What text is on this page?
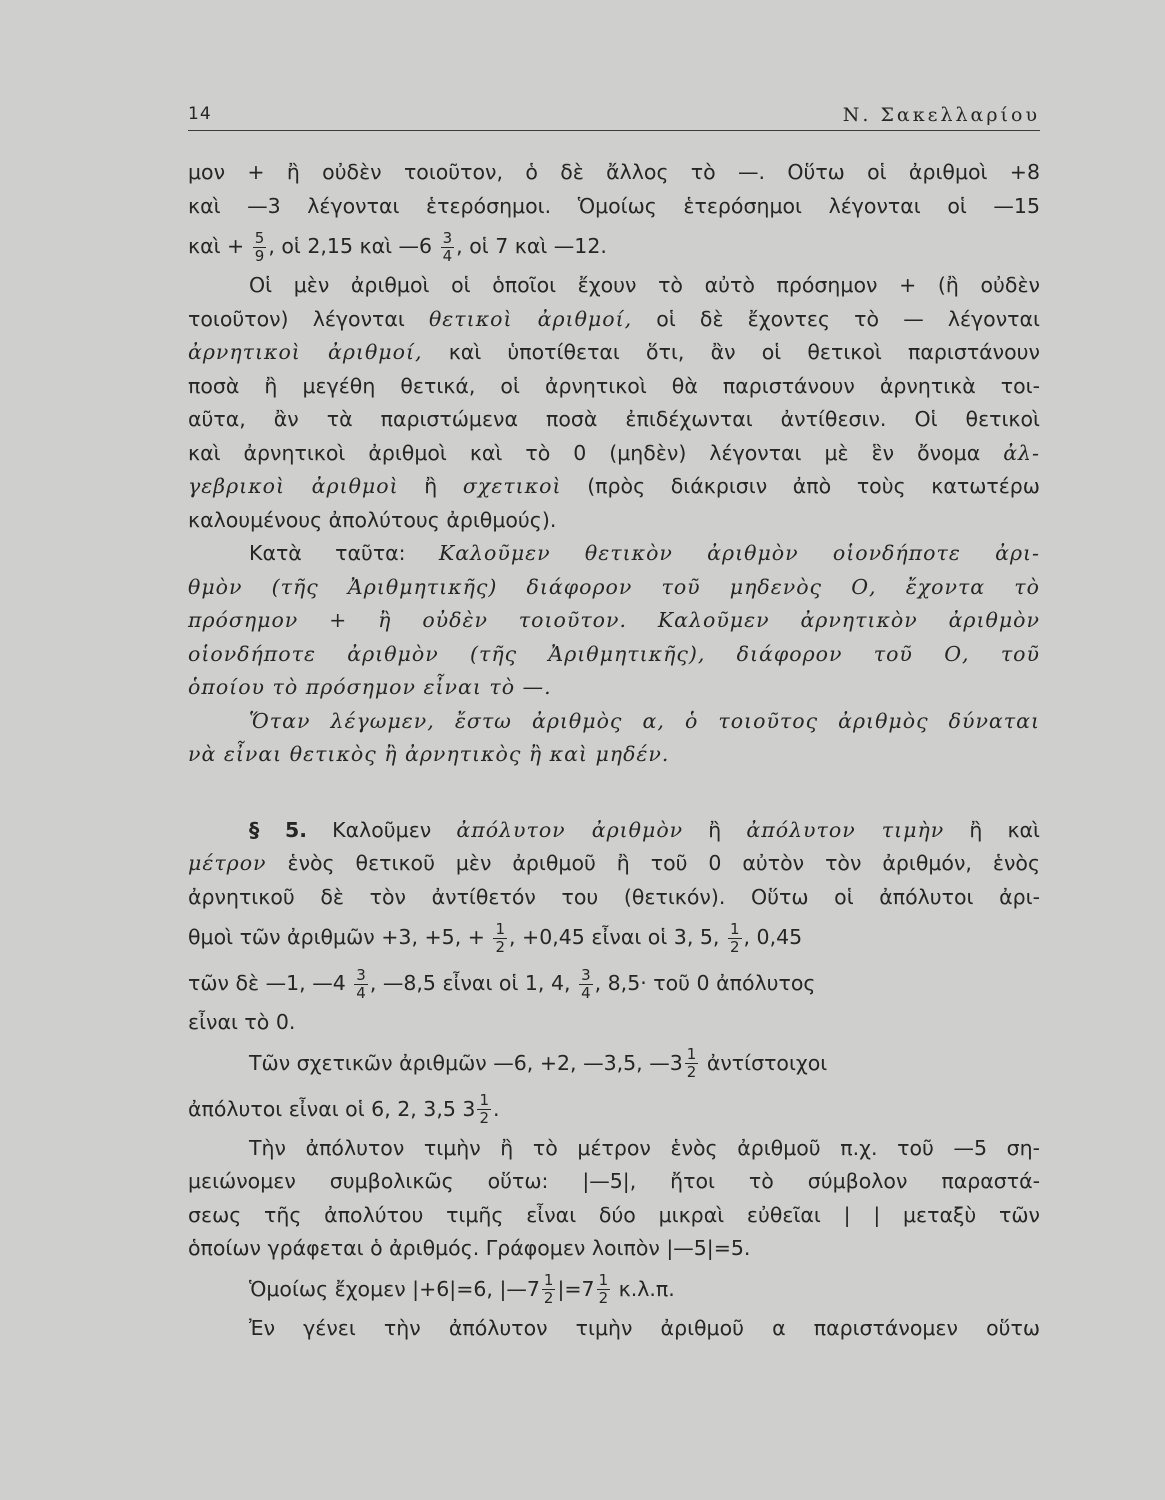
14	Ν. Σακελλαρίου
μον + ἢ οὐδὲν τοιοῦτον, ὁ δὲ ἄλλος τὸ —. Οὕτω οἱ ἀριθμοὶ +8
καὶ —3 λέγονται ἑτερόσημοι. Ὁμοίως ἑτερόσημοι λέγονται οἱ —15
καὶ + $\frac{5}{9}$ , οἱ 2,15 καὶ —6 $\frac{3}{4}$ , οἱ 7 καὶ —12.
Οἱ μὲν ἀριθμοὶ οἱ ὁποῖοι ἔχουν τὸ αὐτὸ πρόσημον + (ἢ οὐδὲν
τοιοῦτον) λέγονται θετικοὶ ἀριθμοί, οἱ δὲ ἔχοντες τὸ — λέγονται
ἀρνητικοὶ ἀριθμοί, καὶ ὑποτίθεται ὅτι, ἂν οἱ θετικοὶ παριστάνουν
ποσὰ ἢ μεγέθη θετικά, οἱ ἀρνητικοὶ θὰ παριστάνουν ἀρνητικὰ τοι-
αῦτα, ἂν τὰ παριστώμενα ποσὰ ἐπιδέχωνται ἀντίθεσιν. Οἱ θετικοὶ
καὶ ἀρνητικοὶ ἀριθμοὶ καὶ τὸ 0 (μηδὲν) λέγονται μὲ ἓν ὄνομα ἀλ-
γεβρικοὶ ἀριθμοὶ ἢ σχετικοὶ (πρὸς διάκρισιν ἀπὸ τοὺς κατωτέρω
καλουμένους ἀπολύτους ἀριθμούς).
Κατὰ ταῦτα: Καλοῦμεν θετικὸν ἀριθμὸν οἱονδήποτε ἀρι-
θμὸν (τῆς Ἀριθμητικῆς) διάφορον τοῦ μηδενὸς Ο, ἔχοντα τὸ
πρόσημον + ἢ οὐδὲν τοιοῦτον. Καλοῦμεν ἀρνητικὸν ἀριθμὸν
οἱονδήποτε ἀριθμὸν (τῆς Ἀριθμητικῆς), διάφορον τοῦ Ο, τοῦ
ὁποίου τὸ πρόσημον εἶναι τὸ —.
Ὅταν λέγωμεν, ἔστω ἀριθμὸς α, ὁ τοιοῦτος ἀριθμὸς δύναται
νὰ εἶναι θετικὸς ἢ ἀρνητικὸς ἢ καὶ μηδέν.
§ 5. Καλοῦμεν ἀπόλυτον ἀριθμὸν ἢ ἀπόλυτον τιμὴν ἢ καὶ
μέτρον ἑνὸς θετικοῦ μὲν ἀριθμοῦ ἢ τοῦ 0 αὐτὸν τὸν ἀριθμόν, ἑνὸς
ἀρνητικοῦ δὲ τὸν ἀντίθετόν του (θετικόν). Οὕτω οἱ ἀπόλυτοι ἀρι-
θμοὶ τῶν ἀριθμῶν +3, +5, + $\frac{1}{2}$ , +0,45 εἶναι οἱ 3, 5, $\frac{1}{2}$ , 0,45
τῶν δὲ —1, —4 $\frac{3}{4}$ , —8,5 εἶναι οἱ 1, 4, $\frac{3}{4}$ , 8,5· τοῦ 0 ἀπόλυτος
εἶναι τὸ 0.
Τῶν σχετικῶν ἀριθμῶν —6, +2, —3,5, —3 $\frac{1}{2}$ ἀντίστοιχοι
ἀπόλυτοι εἶναι οἱ 6, 2, 3,5 $3 \frac{1}{2}$ .
Τὴν ἀπόλυτον τιμὴν ἢ τὸ μέτρον ἑνὸς ἀριθμοῦ π.χ. τοῦ —5 ση-
μειώνομεν συμβολικῶς οὕτω: |—5|, ἤτοι τὸ σύμβολον παραστά-
σεως τῆς ἀπολύτου τιμῆς εἶναι δύο μικραὶ εὐθεῖαι | | μεταξὺ τῶν
ὁποίων γράφεται ὁ ἀριθμός. Γράφομεν λοιπὸν |—5|=5.
Ὁμοίως ἔχομεν |+6|=6, |—7 $\frac{1}{2} |=7 \frac{1}{2} \kappa.\lambda.\pi$.
Ἐν γένει τὴν ἀπόλυτον τιμὴν ἀριθμοῦ α παριστάνομεν οὕτω
